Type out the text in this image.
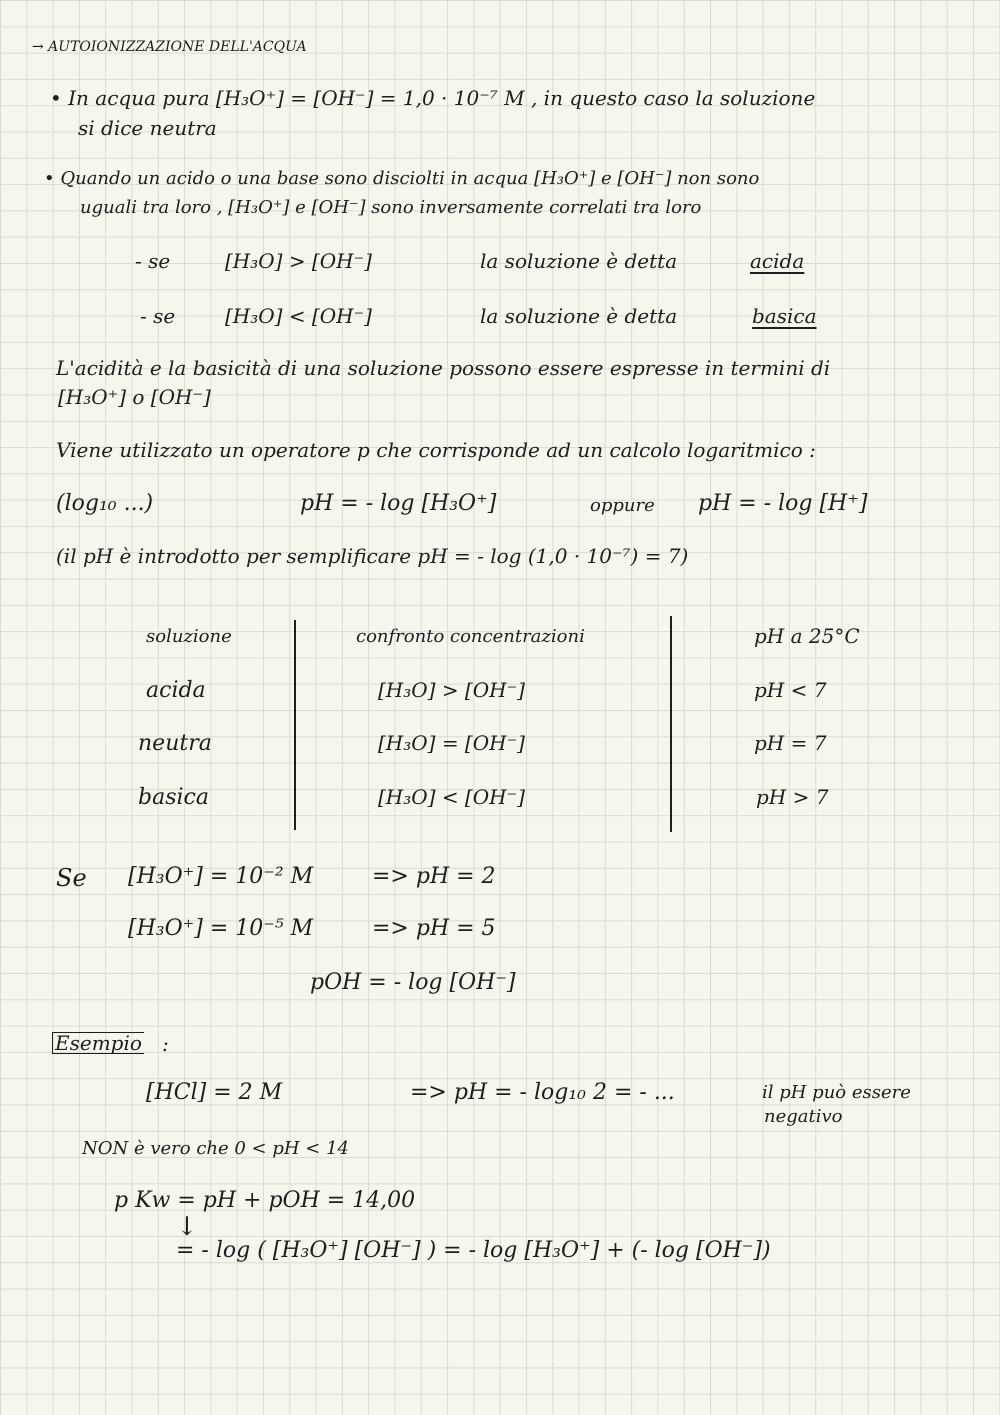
→ AUTOIONIZZAZIONE DELL'ACQUA
• In acqua pura [H₃O⁺] = [OH⁻] = 1,0 · 10⁻⁷ M , in questo caso la soluzione
si dice neutra
• Quando un acido o una base sono disciolti in acqua [H₃O⁺] e [OH⁻] non sono
uguali tra loro , [H₃O⁺] e [OH⁻] sono inversamente correlati tra loro
- se	[H₃O] > [OH⁻]	la soluzione è detta	acida
- se [H₃O] < [OH⁻]	la soluzione è detta	basica
L'acidità e la basicità di una soluzione possono essere espresse in termini di
[H₃O⁺] o [OH⁻]
Viene utilizzato un operatore p che corrisponde ad un calcolo logaritmico :
(log₁₀ ...)	pH = - log [H₃O⁺]	oppure pH = - log [H⁺]
(il pH è introdotto per semplificare pH = - log (1,0 · 10⁻⁷) = 7)
soluzione	confronto concentrazioni	pH a 25°C
acida	[H₃O] > [OH⁻]	pH < 7
neutra	[H₃O] = [OH⁻]	pH = 7
basica	[H₃O] < [OH⁻]	pH > 7
Se [H₃O⁺] = 10⁻² M	=> pH = 2
[H₃O⁺] = 10⁻⁵ M	=> pH = 5
pOH = - log [OH⁻]
Esempio :
[HCl] = 2 M	=> pH = - log₁₀ 2 = - ...	il pH può essere
negativo
NON è vero che 0 < pH < 14
p Kw = pH + pOH = 14,00
↓
= - log ( [H₃O⁺] [OH⁻] ) = - log [H₃O⁺] + (- log [OH⁻])
